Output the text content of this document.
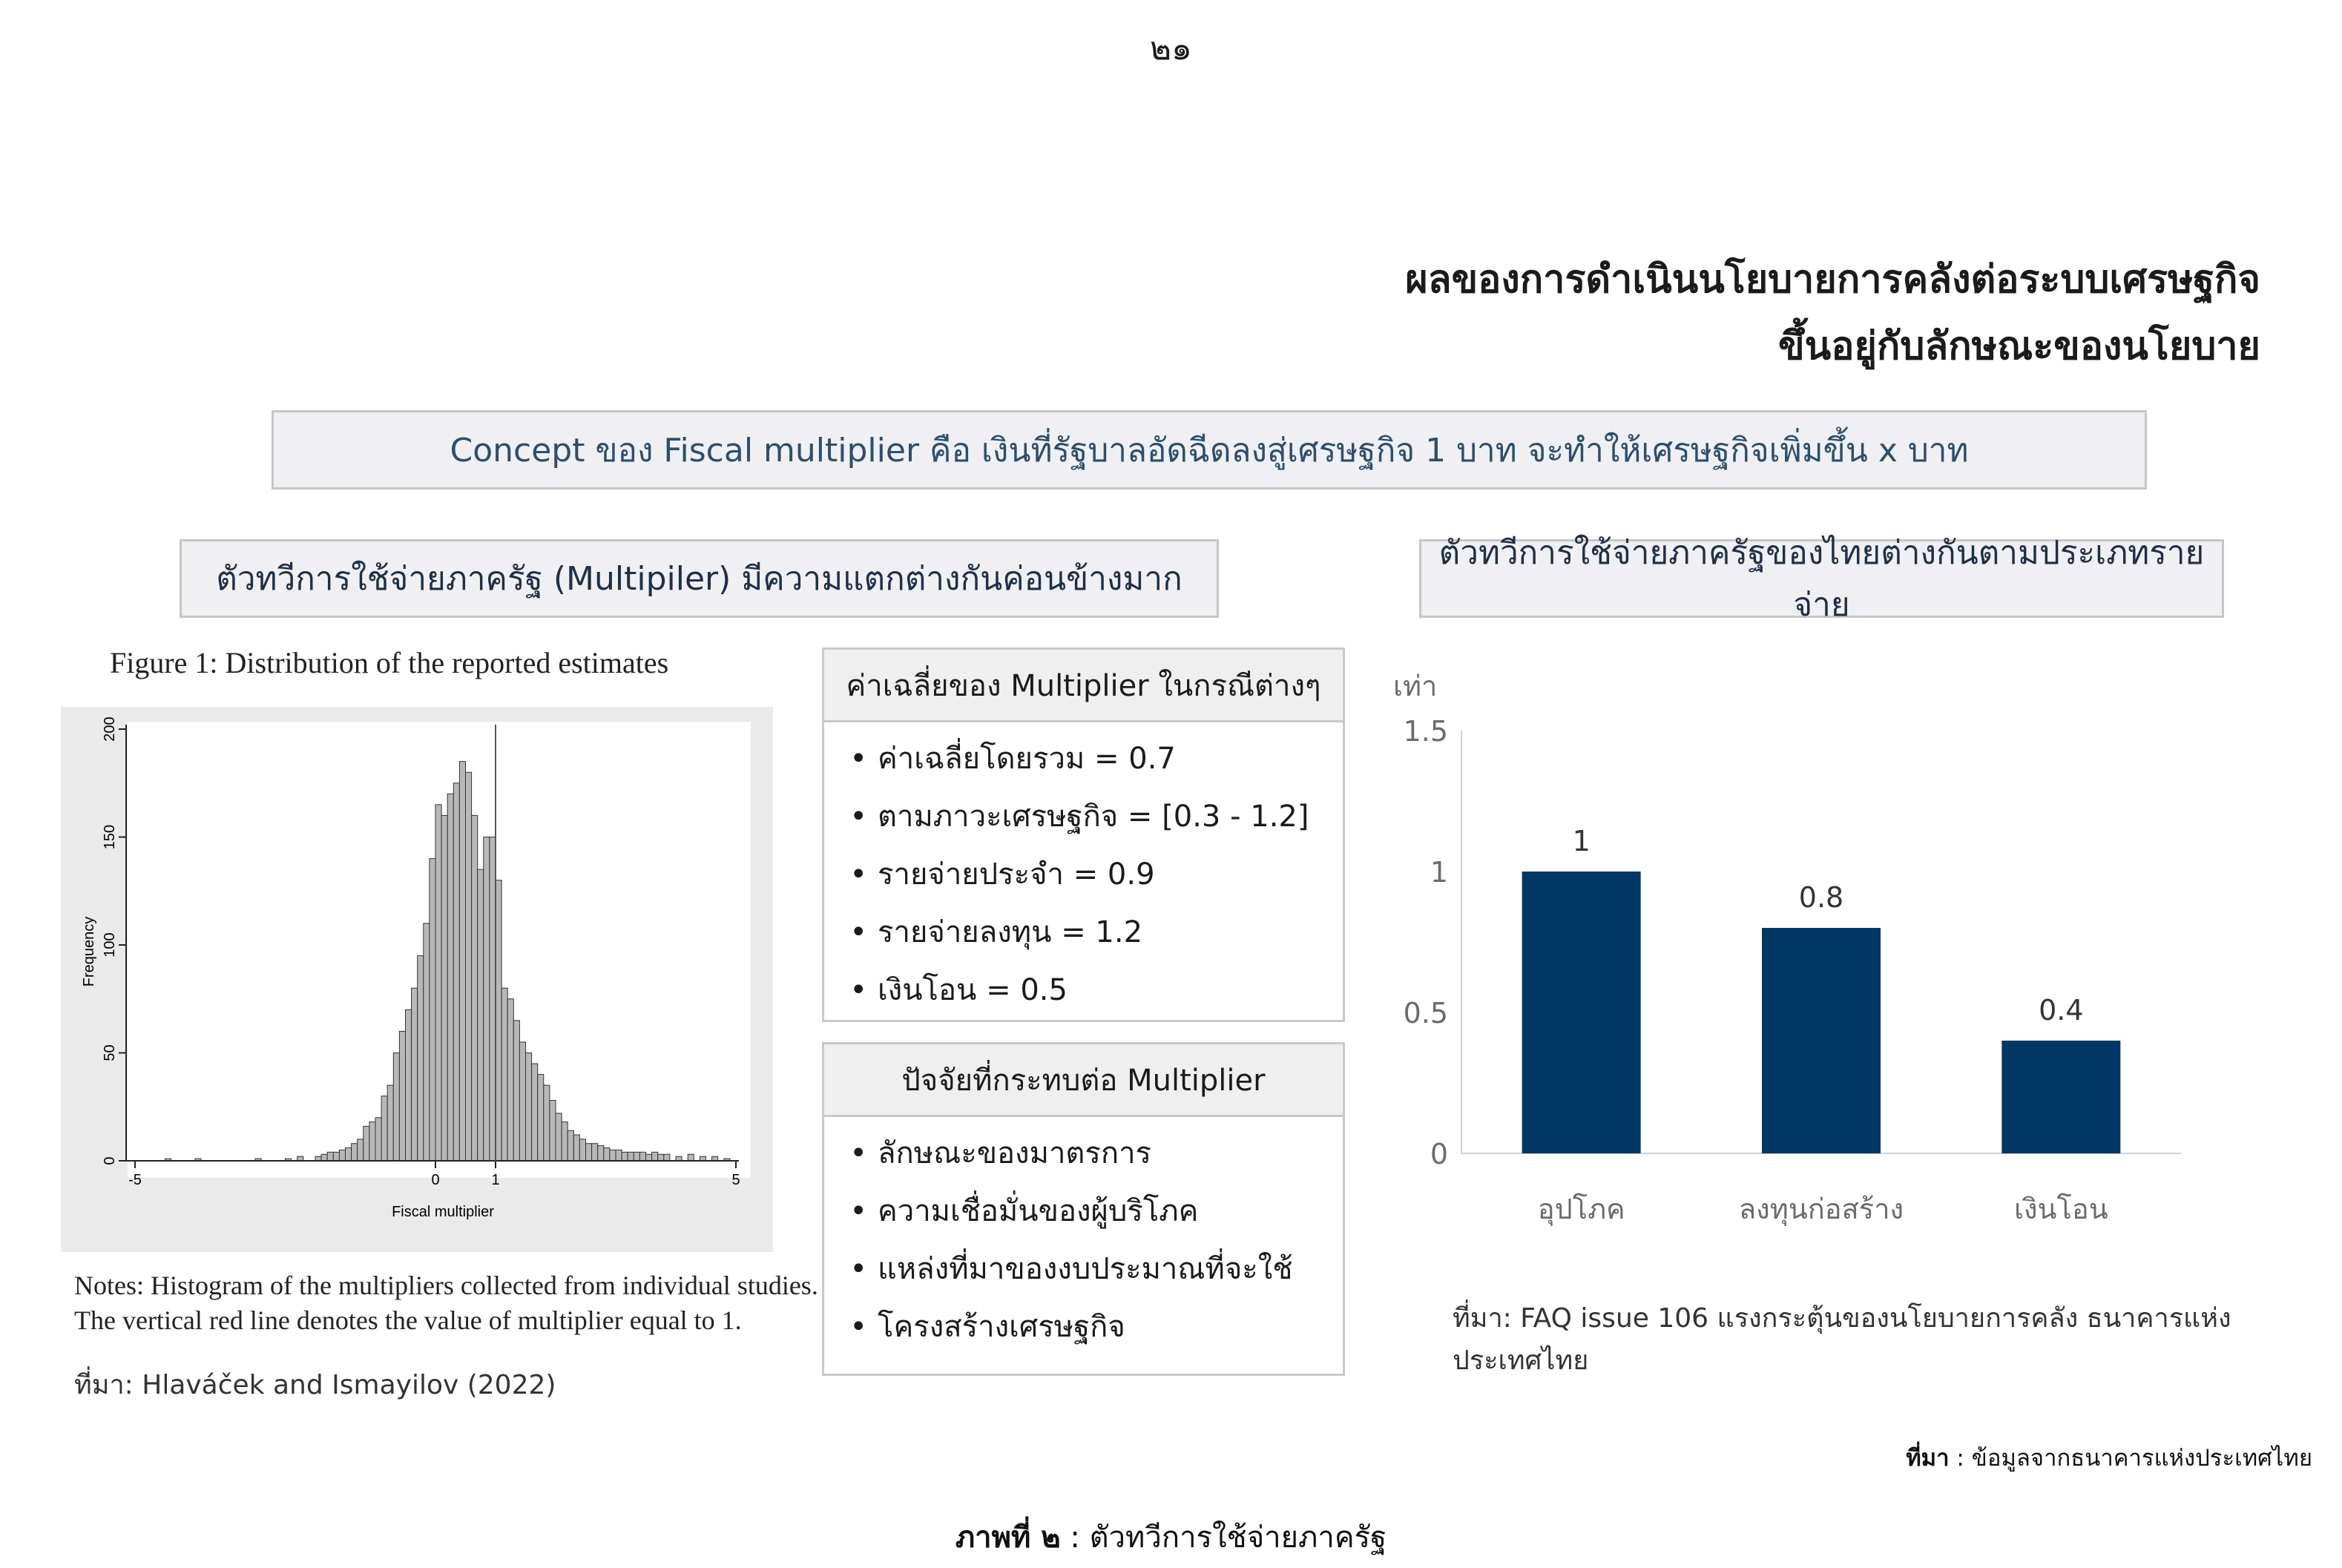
๒๑
ผลของการดำเนินนโยบายการคลังต่อระบบเศรษฐกิจ
ขึ้นอยู่กับลักษณะของนโยบาย
Concept ของ Fiscal multiplier คือ เงินที่รัฐบาลอัดฉีดลงสู่เศรษฐกิจ 1 บาท จะทำให้เศรษฐกิจเพิ่มขึ้น x บาท
ตัวทวีการใช้จ่ายภาครัฐ (Multipiler) มีความแตกต่างกันค่อนข้างมาก
ตัวทวีการใช้จ่ายภาครัฐของไทยต่างกันตามประเภทรายจ่าย
Figure 1: Distribution of the reported estimates
Frequency
Fiscal multiplier
0
50
100
150
200
-5	0	1	5
Notes: Histogram of the multipliers collected from individual studies.
The vertical red line denotes the value of multiplier equal to 1.
ที่มา: Hlaváček and Ismayilov (2022)
ค่าเฉลี่ยของ Multiplier ในกรณีต่างๆ
• ค่าเฉลี่ยโดยรวม = 0.7
• ตามภาวะเศรษฐกิจ = [0.3 - 1.2]
• รายจ่ายประจำ = 0.9
• รายจ่ายลงทุน = 1.2
• เงินโอน = 0.5
ปัจจัยที่กระทบต่อ Multiplier
• ลักษณะของมาตรการ
• ความเชื่อมั่นของผู้บริโภค
• แหล่งที่มาของงบประมาณที่จะใช้
• โครงสร้างเศรษฐกิจ
เท่า
0
0.5
1
1.5
1
อุปโภค
0.8
ลงทุนก่อสร้าง
0.4
เงินโอน
ที่มา: FAQ issue 106 แรงกระตุ้นของนโยบายการคลัง ธนาคารแห่งประเทศไทย
ที่มา : ข้อมูลจากธนาคารแห่งประเทศไทย
ภาพที่ ๒ : ตัวทวีการใช้จ่ายภาครัฐ
